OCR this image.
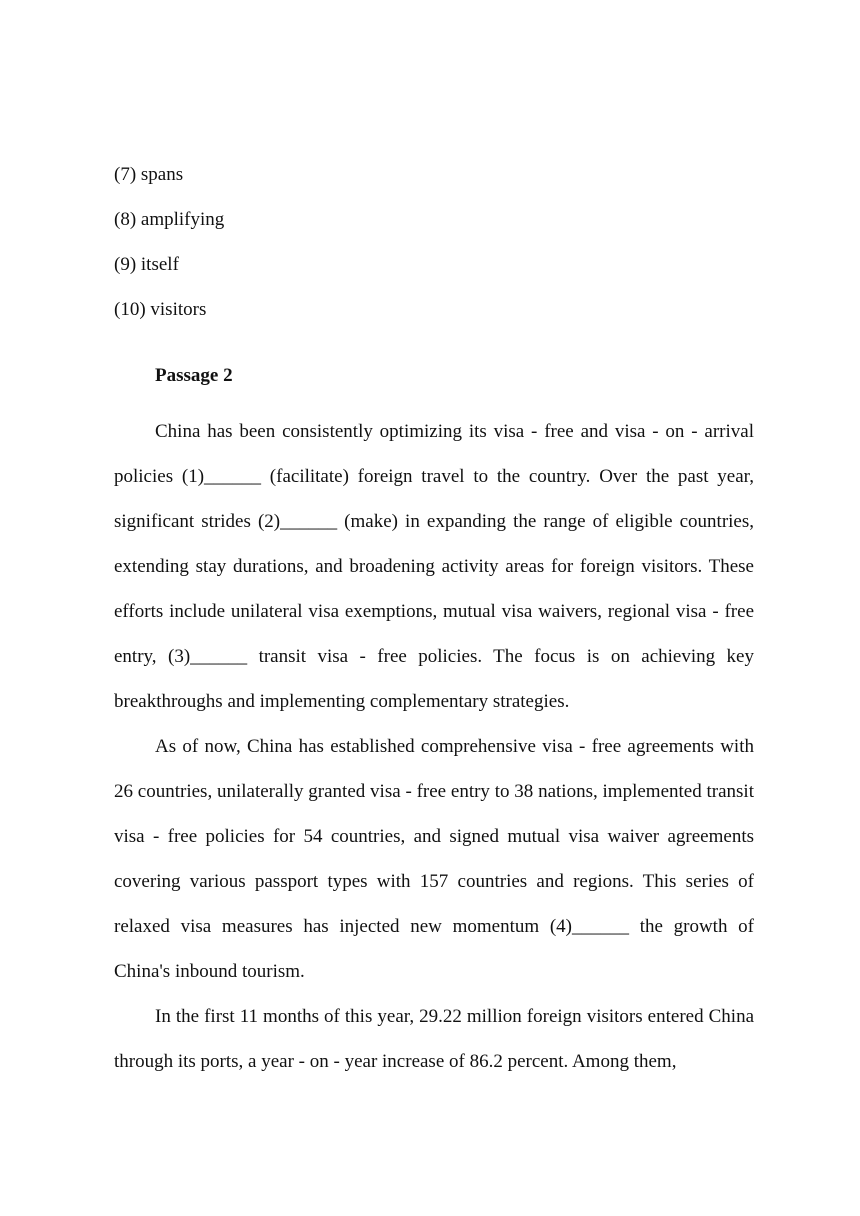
(7) spans
(8) amplifying
(9) itself
(10) visitors
Passage 2

China has been consistently optimizing its visa - free and visa - on - arrival policies (1)______ (facilitate) foreign travel to the country. Over the past year, significant strides (2)______ (make) in expanding the range of eligible countries, extending stay durations, and broadening activity areas for foreign visitors. These efforts include unilateral visa exemptions, mutual visa waivers, regional visa - free entry, (3)______ transit visa - free policies. The focus is on achieving key breakthroughs and implementing complementary strategies.

As of now, China has established comprehensive visa - free agreements with 26 countries, unilaterally granted visa - free entry to 38 nations, implemented transit visa - free policies for 54 countries, and signed mutual visa waiver agreements covering various passport types with 157 countries and regions. This series of relaxed visa measures has injected new momentum (4)______ the growth of China's inbound tourism.

In the first 11 months of this year, 29.22 million foreign visitors entered China through its ports, a year - on - year increase of 86.2 percent. Among them,
